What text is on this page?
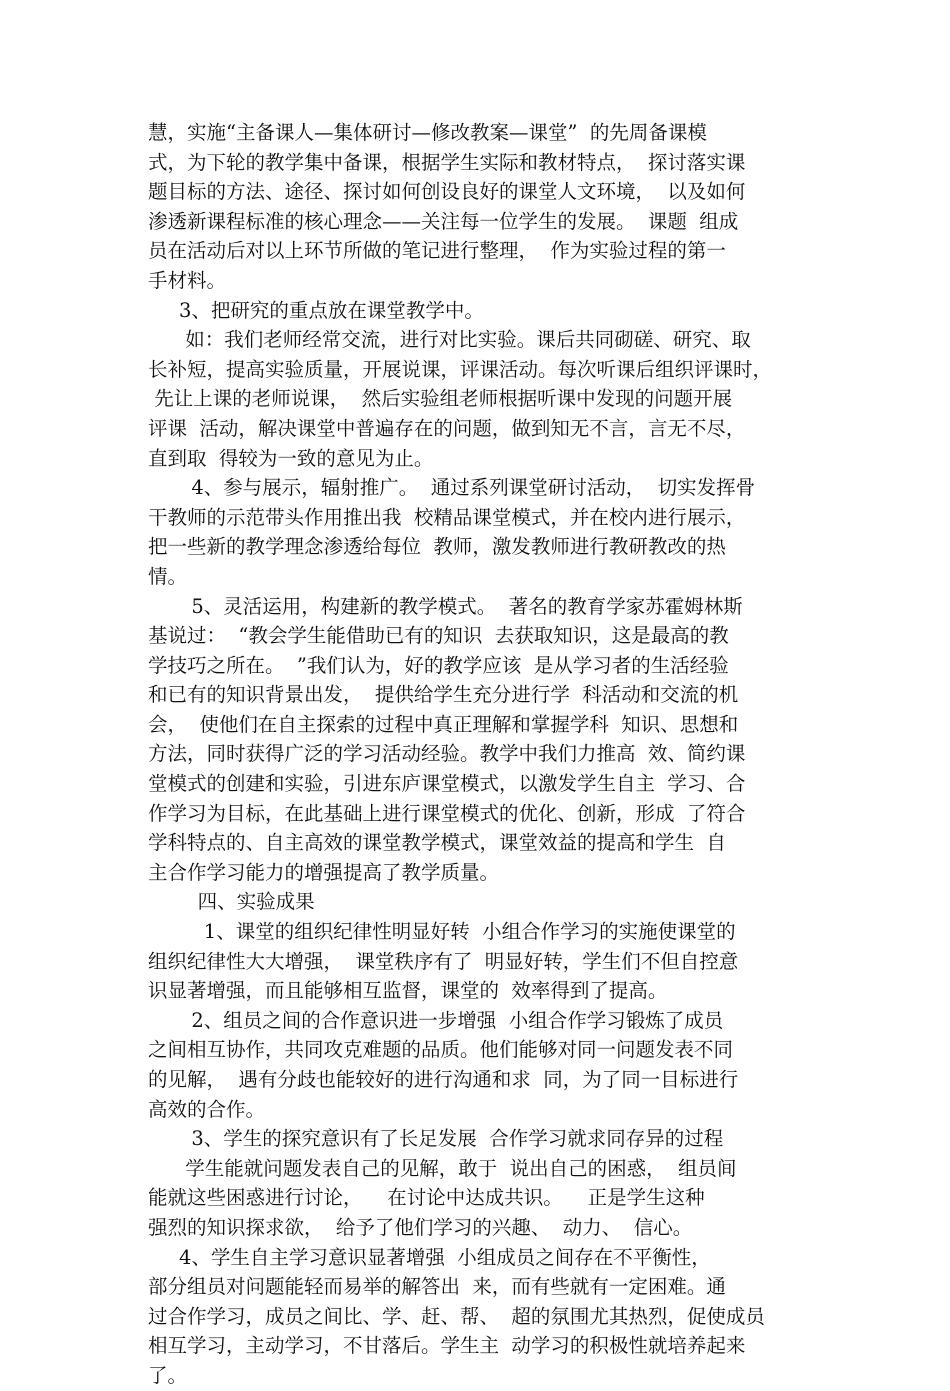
慧，实施“主备课人—集体研讨—修改教案—课堂”  的先周备课模
式，为下轮的教学集中备课，根据学生实际和教材特点，  探讨落实课
题目标的方法、途径、探讨如何创设良好的课堂人文环境，  以及如何
渗透新课程标准的核心理念——关注每一位学生的发展。  课题  组成
员在活动后对以上环节所做的笔记进行整理，  作为实验过程的第一
手材料。
3、把研究的重点放在课堂教学中。
如：我们老师经常交流，进行对比实验。课后共同砌磋、研究、取
长补短，提高实验质量，开展说课，评课活动。每次听课后组织评课时，
先让上课的老师说课，  然后实验组老师根据听课中发现的问题开展
评课  活动，解决课堂中普遍存在的问题，做到知无不言，言无不尽，
直到取  得较为一致的意见为止。
4、参与展示，辐射推广。  通过系列课堂研讨活动，  切实发挥骨
干教师的示范带头作用推出我  校精品课堂模式，并在校内进行展示，
把一些新的教学理念渗透给每位  教师，激发教师进行教研教改的热
情。
5、灵活运用，构建新的教学模式。  著名的教育学家苏霍姆林斯
基说过：  “教会学生能借助已有的知识  去获取知识，这是最高的教
学技巧之所在。  ”我们认为，好的教学应该  是从学习者的生活经验
和已有的知识背景出发，  提供给学生充分进行学  科活动和交流的机
会，  使他们在自主探索的过程中真正理解和掌握学科  知识、思想和
方法，同时获得广泛的学习活动经验。教学中我们力推高  效、简约课
堂模式的创建和实验，引进东庐课堂模式，以激发学生自主  学习、合
作学习为目标，在此基础上进行课堂模式的优化、创新，形成  了符合
学科特点的、自主高效的课堂教学模式，课堂效益的提高和学生  自
主合作学习能力的增强提高了教学质量。
四、实验成果
1、课堂的组织纪律性明显好转  小组合作学习的实施使课堂的
组织纪律性大大增强，  课堂秩序有了  明显好转，学生们不但自控意
识显著增强，而且能够相互监督，课堂的  效率得到了提高。
2、组员之间的合作意识进一步增强  小组合作学习锻炼了成员
之间相互协作，共同攻克难题的品质。他们能够对同一问题发表不同
的见解，  遇有分歧也能较好的进行沟通和求  同，为了同一目标进行
高效的合作。
3、学生的探究意识有了长足发展  合作学习就求同存异的过程
学生能就问题发表自己的见解，敢于  说出自己的困惑，  组员间
能就这些困惑进行讨论，    在讨论中达成共识。    正是学生这种
强烈的知识探求欲，  给予了他们学习的兴趣、  动力、  信心。
4、学生自主学习意识显著增强  小组成员之间存在不平衡性，
部分组员对问题能轻而易举的解答出  来，而有些就有一定困难。通
过合作学习，成员之间比、学、赶、帮、  超的氛围尤其热烈，促使成员
相互学习，主动学习，不甘落后。学生主  动学习的积极性就培养起来
了。
